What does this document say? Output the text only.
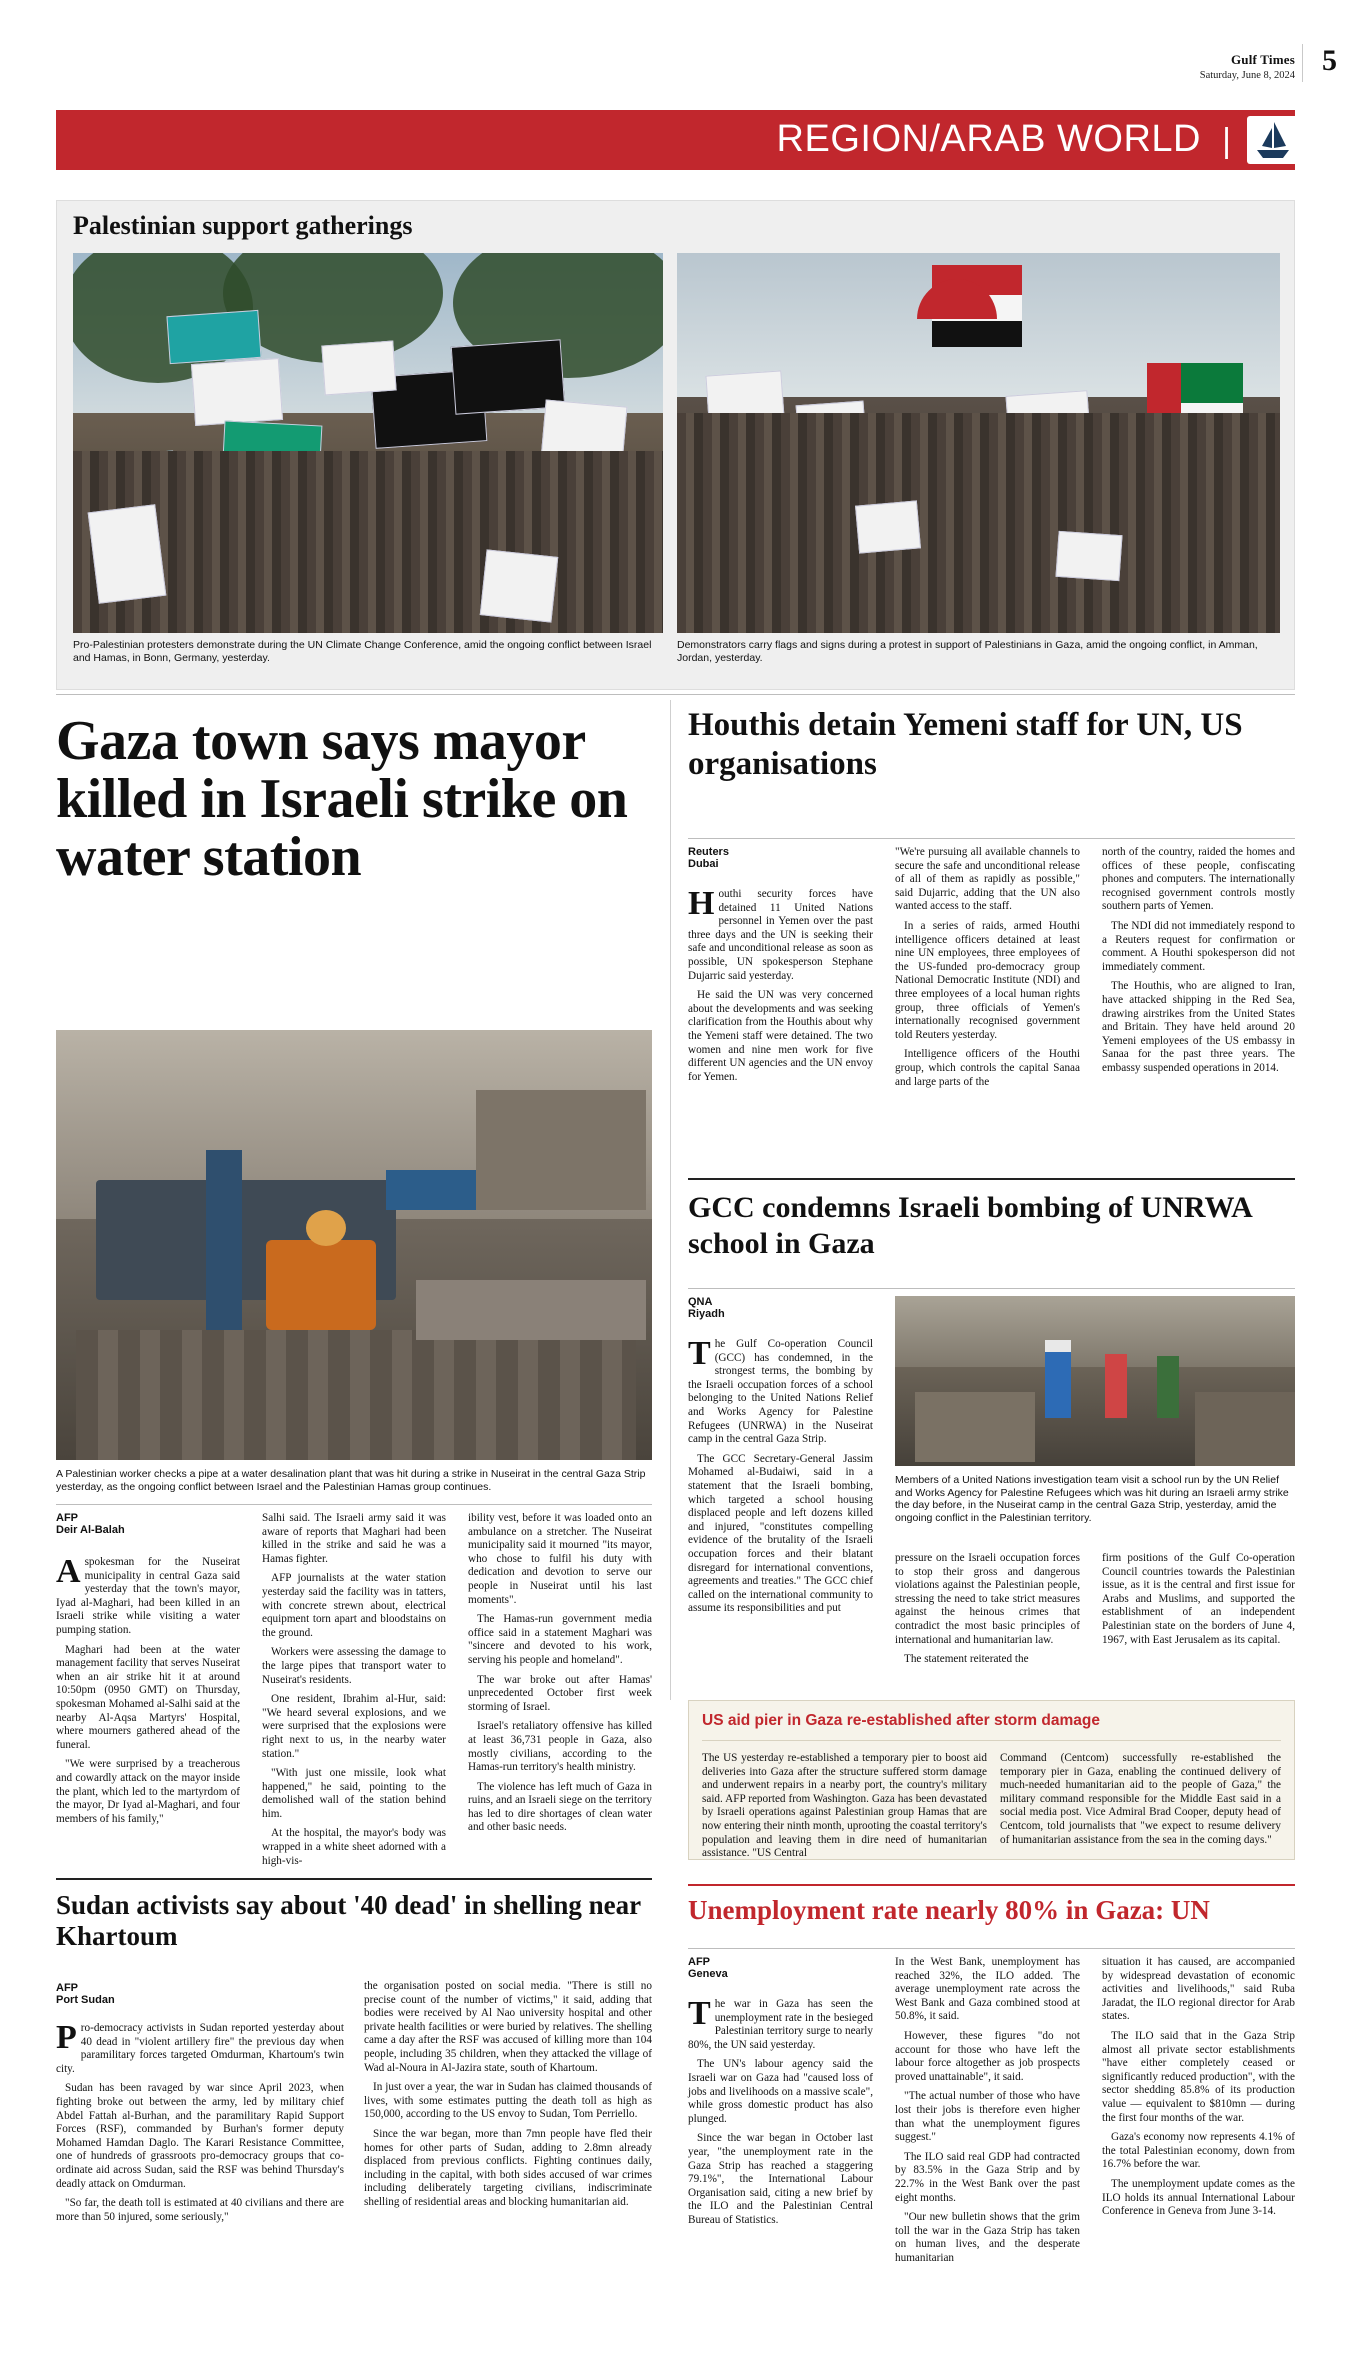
Gulf Times
Saturday, June 8, 2024 5
REGION/ARAB WORLD |
Palestinian support gatherings
Pro-Palestinian protesters demonstrate during the UN Climate Change Conference, amid the ongoing conflict between Israel and Hamas, in Bonn, Germany, yesterday.
Demonstrators carry flags and signs during a protest in support of Palestinians in Gaza, amid the ongoing conflict, in Amman, Jordan, yesterday.
Gaza town says mayor killed in Israeli strike on water station
A Palestinian worker checks a pipe at a water desalination plant that was hit during a strike in Nuseirat in the central Gaza Strip yesterday, as the ongoing conflict between Israel and the Palestinian Hamas group continues.
AFP
Deir Al-Balah

Aspokesman for the Nuseirat municipality in central Gaza said yesterday that the town's mayor, Iyad al-Maghari, had been killed in an Israeli strike while visiting a water pumping station.

Maghari had been at the water management facility that serves Nuseirat when an air strike hit it at around 10:50pm (0950 GMT) on Thursday, spokesman Mohamed al-Salhi said at the nearby Al-Aqsa Martyrs' Hospital, where mourners gathered ahead of the funeral.

"We were surprised by a treacherous and cowardly attack on the mayor inside the plant, which led to the martyrdom of the mayor, Dr Iyad al-Maghari, and four members of his family,"

Salhi said. The Israeli army said it was aware of reports that Maghari had been killed in the strike and said he was a Hamas fighter.

AFP journalists at the water station yesterday said the facility was in tatters, with concrete strewn about, electrical equipment torn apart and bloodstains on the ground.

Workers were assessing the damage to the large pipes that transport water to Nuseirat's residents.

One resident, Ibrahim al-Hur, said: "We heard several explosions, and we were surprised that the explosions were right next to us, in the nearby water station."

"With just one missile, look what happened," he said, pointing to the demolished wall of the station behind him.

At the hospital, the mayor's body was wrapped in a white sheet adorned with a high-vis-

ibility vest, before it was loaded onto an ambulance on a stretcher. The Nuseirat municipality said it mourned "its mayor, who chose to fulfil his duty with dedication and devotion to serve our people in Nuseirat until his last moments".

The Hamas-run government media office said in a statement Maghari was "sincere and devoted to his work, serving his people and homeland".

The war broke out after Hamas' unprecedented October first week storming of Israel.

Israel's retaliatory offensive has killed at least 36,731 people in Gaza, also mostly civilians, according to the Hamas-run territory's health ministry.

The violence has left much of Gaza in ruins, and an Israeli siege on the territory has led to dire shortages of clean water and other basic needs.

Sudan activists say about '40 dead' in shelling near Khartoum
AFP
Port Sudan

Pro-democracy activists in Sudan reported yesterday about 40 dead in "violent artillery fire" the previous day when paramilitary forces targeted Omdurman, Khartoum's twin city.

Sudan has been ravaged by war since April 2023, when fighting broke out between the army, led by military chief Abdel Fattah al-Burhan, and the paramilitary Rapid Support Forces (RSF), commanded by Burhan's former deputy Mohamed Hamdan Daglo. The Karari Resistance Committee, one of hundreds of grassroots pro-democracy groups that co-ordinate aid across Sudan, said the RSF was behind Thursday's deadly attack on Omdurman.

"So far, the death toll is estimated at 40 civilians and there are more than 50 injured, some seriously,"

the organisation posted on social media. "There is still no precise count of the number of victims," it said, adding that bodies were received by Al Nao university hospital and other private health facilities or were buried by relatives. The shelling came a day after the RSF was accused of killing more than 104 people, including 35 children, when they attacked the village of Wad al-Noura in Al-Jazira state, south of Khartoum.

In just over a year, the war in Sudan has claimed thousands of lives, with some estimates putting the death toll as high as 150,000, according to the US envoy to Sudan, Tom Perriello.

Since the war began, more than 7mn people have fled their homes for other parts of Sudan, adding to 2.8mn already displaced from previous conflicts. Fighting continues daily, including in the capital, with both sides accused of war crimes including deliberately targeting civilians, indiscriminate shelling of residential areas and blocking humanitarian aid.

Houthis detain Yemeni staff for UN, US organisations
Reuters
Dubai

Houthi security forces have detained 11 United Nations personnel in Yemen over the past three days and the UN is seeking their safe and unconditional release as soon as possible, UN spokesperson Stephane Dujarric said yesterday.

He said the UN was very concerned about the developments and was seeking clarification from the Houthis about why the Yemeni staff were detained. The two women and nine men work for five different UN agencies and the UN envoy for Yemen.

"We're pursuing all available channels to secure the safe and unconditional release of all of them as rapidly as possible," said Dujarric, adding that the UN also wanted access to the staff.

In a series of raids, armed Houthi intelligence officers detained at least nine UN employees, three employees of the US-funded pro-democracy group National Democratic Institute (NDI) and three employees of a local human rights group, three officials of Yemen's internationally recognised government told Reuters yesterday.

Intelligence officers of the Houthi group, which controls the capital Sanaa and large parts of the

north of the country, raided the homes and offices of these people, confiscating phones and computers. The internationally recognised government controls mostly southern parts of Yemen.

The NDI did not immediately respond to a Reuters request for confirmation or comment. A Houthi spokesperson did not immediately comment.

The Houthis, who are aligned to Iran, have attacked shipping in the Red Sea, drawing airstrikes from the United States and Britain. They have held around 20 Yemeni employees of the US embassy in Sanaa for the past three years. The embassy suspended operations in 2014.

GCC condemns Israeli bombing of UNRWA school in Gaza
QNA
Riyadh
Members of a United Nations investigation team visit a school run by the UN Relief and Works Agency for Palestine Refugees which was hit during an Israeli army strike the day before, in the Nuseirat camp in the central Gaza Strip, yesterday, amid the ongoing conflict in the Palestinian territory.

The Gulf Co-operation Council (GCC) has condemned, in the strongest terms, the bombing by the Israeli occupation forces of a school belonging to the United Nations Relief and Works Agency for Palestine Refugees (UNRWA) in the Nuseirat camp in the central Gaza Strip.

The GCC Secretary-General Jassim Mohamed al-Budaiwi, said in a statement that the Israeli bombing, which targeted a school housing displaced people and left dozens killed and injured, "constitutes compelling evidence of the brutality of the Israeli occupation forces and their blatant disregard for international conventions, agreements and treaties." The GCC chief called on the international community to assume its responsibilities and put

pressure on the Israeli occupation forces to stop their gross and dangerous violations against the Palestinian people, stressing the need to take strict measures against the heinous crimes that contradict the most basic principles of international and humanitarian law.

The statement reiterated the

firm positions of the Gulf Co-operation Council countries towards the Palestinian issue, as it is the central and first issue for Arabs and Muslims, and supported the establishment of an independent Palestinian state on the borders of June 4, 1967, with East Jerusalem as its capital.

US aid pier in Gaza re-established after storm damage
The US yesterday re-established a temporary pier to boost aid deliveries into Gaza after the structure suffered storm damage and underwent repairs in a nearby port, the country's military said. AFP reported from Washington. Gaza has been devastated by Israeli operations against Palestinian group Hamas that are now entering their ninth month, uprooting the coastal territory's population and leaving them in dire need of humanitarian assistance. "US Central
Command (Centcom) successfully re-established the temporary pier in Gaza, enabling the continued delivery of much-needed humanitarian aid to the people of Gaza," the military command responsible for the Middle East said in a social media post. Vice Admiral Brad Cooper, deputy head of Centcom, told journalists that "we expect to resume delivery of humanitarian assistance from the sea in the coming days."
Unemployment rate nearly 80% in Gaza: UN
AFP
Geneva

The war in Gaza has seen the unemployment rate in the besieged Palestinian territory surge to nearly 80%, the UN said yesterday.

The UN's labour agency said the Israeli war on Gaza had "caused loss of jobs and livelihoods on a massive scale", while gross domestic product has also plunged.

Since the war began in October last year, "the unemployment rate in the Gaza Strip has reached a staggering 79.1%", the International Labour Organisation said, citing a new brief by the ILO and the Palestinian Central Bureau of Statistics.

In the West Bank, unemployment has reached 32%, the ILO added. The average unemployment rate across the West Bank and Gaza combined stood at 50.8%, it said.

However, these figures "do not account for those who have left the labour force altogether as job prospects proved unattainable", it said.

"The actual number of those who have lost their jobs is therefore even higher than what the unemployment figures suggest."

The ILO said real GDP had contracted by 83.5% in the Gaza Strip and by 22.7% in the West Bank over the past eight months.

"Our new bulletin shows that the grim toll the war in the Gaza Strip has taken on human lives, and the desperate humanitarian

situation it has caused, are accompanied by widespread devastation of economic activities and livelihoods," said Ruba Jaradat, the ILO regional director for Arab states.

The ILO said that in the Gaza Strip almost all private sector establishments "have either completely ceased or significantly reduced production", with the sector shedding 85.8% of its production value — equivalent to $810mn — during the first four months of the war.

Gaza's economy now represents 4.1% of the total Palestinian economy, down from 16.7% before the war.

The unemployment update comes as the ILO holds its annual International Labour Conference in Geneva from June 3-14.
